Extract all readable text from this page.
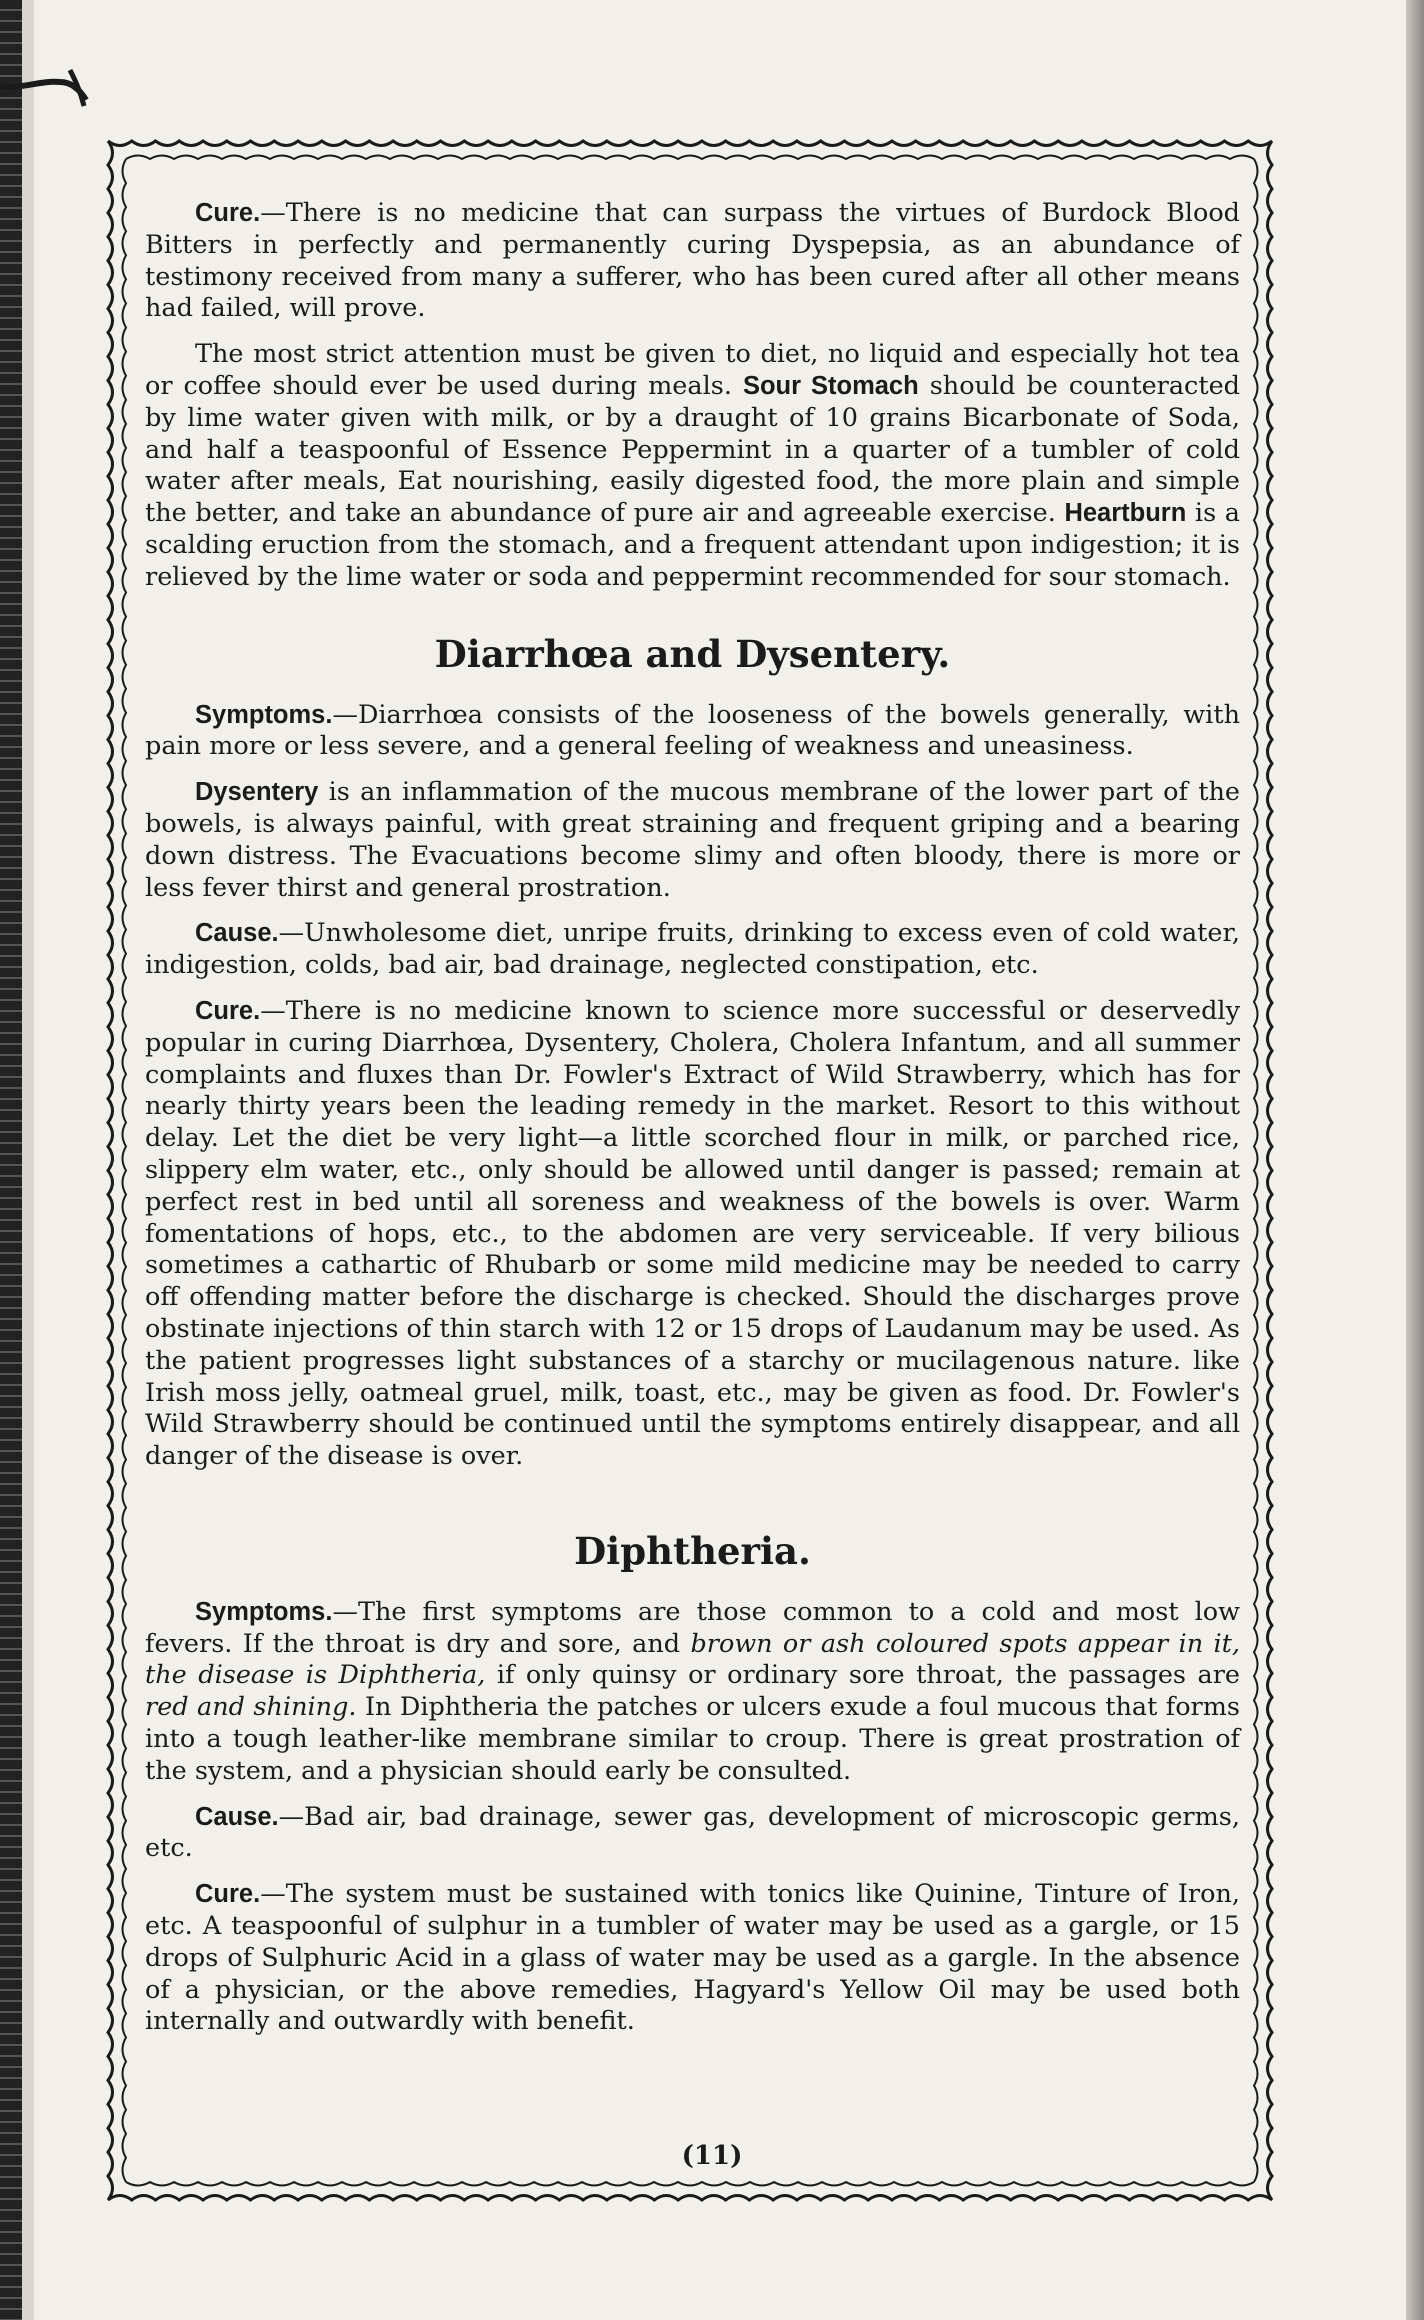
Cure.—There is no medicine that can surpass the virtues of Burdock Blood Bitters in perfectly and permanently curing Dyspepsia, as an abundance of testimony received from many a sufferer, who has been cured after all other means had failed, will prove.

The most strict attention must be given to diet, no liquid and especially hot tea or coffee should ever be used during meals. Sour Stomach should be counteracted by lime water given with milk, or by a draught of 10 grains Bicarbonate of Soda, and half a teaspoonful of Essence Peppermint in a quarter of a tumbler of cold water after meals, Eat nourishing, easily digested food, the more plain and simple the better, and take an abundance of pure air and agreeable exercise. Heartburn is a scalding eruction from the stomach, and a frequent attendant upon indigestion; it is relieved by the lime water or soda and peppermint recommended for sour stomach.

Diarrhœa and Dysentery.

Symptoms.—Diarrhœa consists of the looseness of the bowels generally, with pain more or less severe, and a general feeling of weakness and uneasiness.

Dysentery is an inflammation of the mucous membrane of the lower part of the bowels, is always painful, with great straining and frequent griping and a bearing down distress. The Evacuations become slimy and often bloody, there is more or less fever thirst and general prostration.

Cause.—Unwholesome diet, unripe fruits, drinking to excess even of cold water, indigestion, colds, bad air, bad drainage, neglected constipation, etc.

Cure.—There is no medicine known to science more successful or deservedly popular in curing Diarrhœa, Dysentery, Cholera, Cholera Infantum, and all summer complaints and fluxes than Dr. Fowler's Extract of Wild Strawberry, which has for nearly thirty years been the leading remedy in the market. Resort to this without delay. Let the diet be very light—a little scorched flour in milk, or parched rice, slippery elm water, etc., only should be allowed until danger is passed; remain at perfect rest in bed until all soreness and weakness of the bowels is over. Warm fomentations of hops, etc., to the abdomen are very serviceable. If very bilious sometimes a cathartic of Rhubarb or some mild medicine may be needed to carry off offending matter before the discharge is checked. Should the discharges prove obstinate injections of thin starch with 12 or 15 drops of Laudanum may be used. As the patient progresses light substances of a starchy or mucilagenous nature. like Irish moss jelly, oatmeal gruel, milk, toast, etc., may be given as food. Dr. Fowler's Wild Strawberry should be continued until the symptoms entirely disappear, and all danger of the disease is over.

Diphtheria.

Symptoms.—The first symptoms are those common to a cold and most low fevers. If the throat is dry and sore, and brown or ash coloured spots appear in it, the disease is Diphtheria, if only quinsy or ordinary sore throat, the passages are red and shining. In Diphtheria the patches or ulcers exude a foul mucous that forms into a tough leather-like membrane similar to croup. There is great prostration of the system, and a physician should early be consulted.

Cause.—Bad air, bad drainage, sewer gas, development of microscopic germs, etc.

Cure.—The system must be sustained with tonics like Quinine, Tinture of Iron, etc. A teaspoonful of sulphur in a tumbler of water may be used as a gargle, or 15 drops of Sulphuric Acid in a glass of water may be used as a gargle. In the absence of a physician, or the above remedies, Hagyard's Yellow Oil may be used both internally and outwardly with benefit.

(11)
